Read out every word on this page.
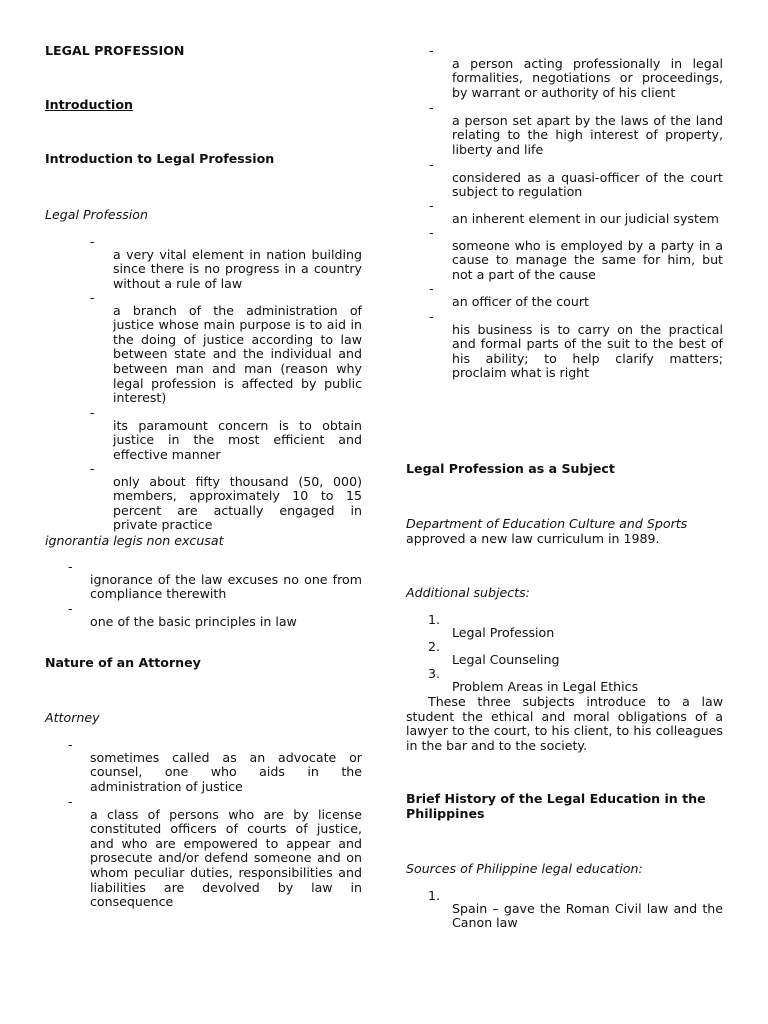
LEGAL PROFESSION

Introduction

Introduction to Legal Profession

Legal Profession

-

a very vital element in nation building since there is no progress in a country without a rule of law

-

a branch of the administration of justice whose main purpose is to aid in the doing of justice according to law between state and the individual and between man and man (reason why legal profession is affected by public interest)

-

its paramount concern is to obtain justice in the most efficient and effective manner

-

only about fifty thousand (50, 000) members, approximately 10 to 15 percent are actually engaged in private practice

ignorantia legis non excusat

-

ignorance of the law excuses no one from compliance therewith

-

one of the basic principles in law

Nature of an Attorney

Attorney

-

sometimes called as an advocate or counsel, one who aids in the administration of justice

-

a class of persons who are by license constituted officers of courts of justice, and who are empowered to appear and prosecute and/or defend someone and on whom peculiar duties, responsibilities and liabilities are devolved by law in consequence

-

a person acting professionally in legal formalities, negotiations or proceedings, by warrant or authority of his client

-

a person set apart by the laws of the land relating to the high interest of property, liberty and life

-

considered as a quasi-officer of the court subject to regulation

-

an inherent element in our judicial system

-

someone who is employed by a party in a cause to manage the same for him, but not a part of the cause

-

an officer of the court

-

his business is to carry on the practical and formal parts of the suit to the best of his ability; to help clarify matters; proclaim what is right

Legal Profession as a Subject

Department of Education Culture and Sports
approved a new law curriculum in 1989.

Additional subjects:

1.

Legal Profession

2.

Legal Counseling

3.

Problem Areas in Legal Ethics

These three subjects introduce to a law student the ethical and moral obligations of a lawyer to the court, to his client, to his colleagues in the bar and to the society.

Brief History of the Legal Education in the Philippines

Sources of Philippine legal education:

1.

Spain – gave the Roman Civil law and the Canon law
